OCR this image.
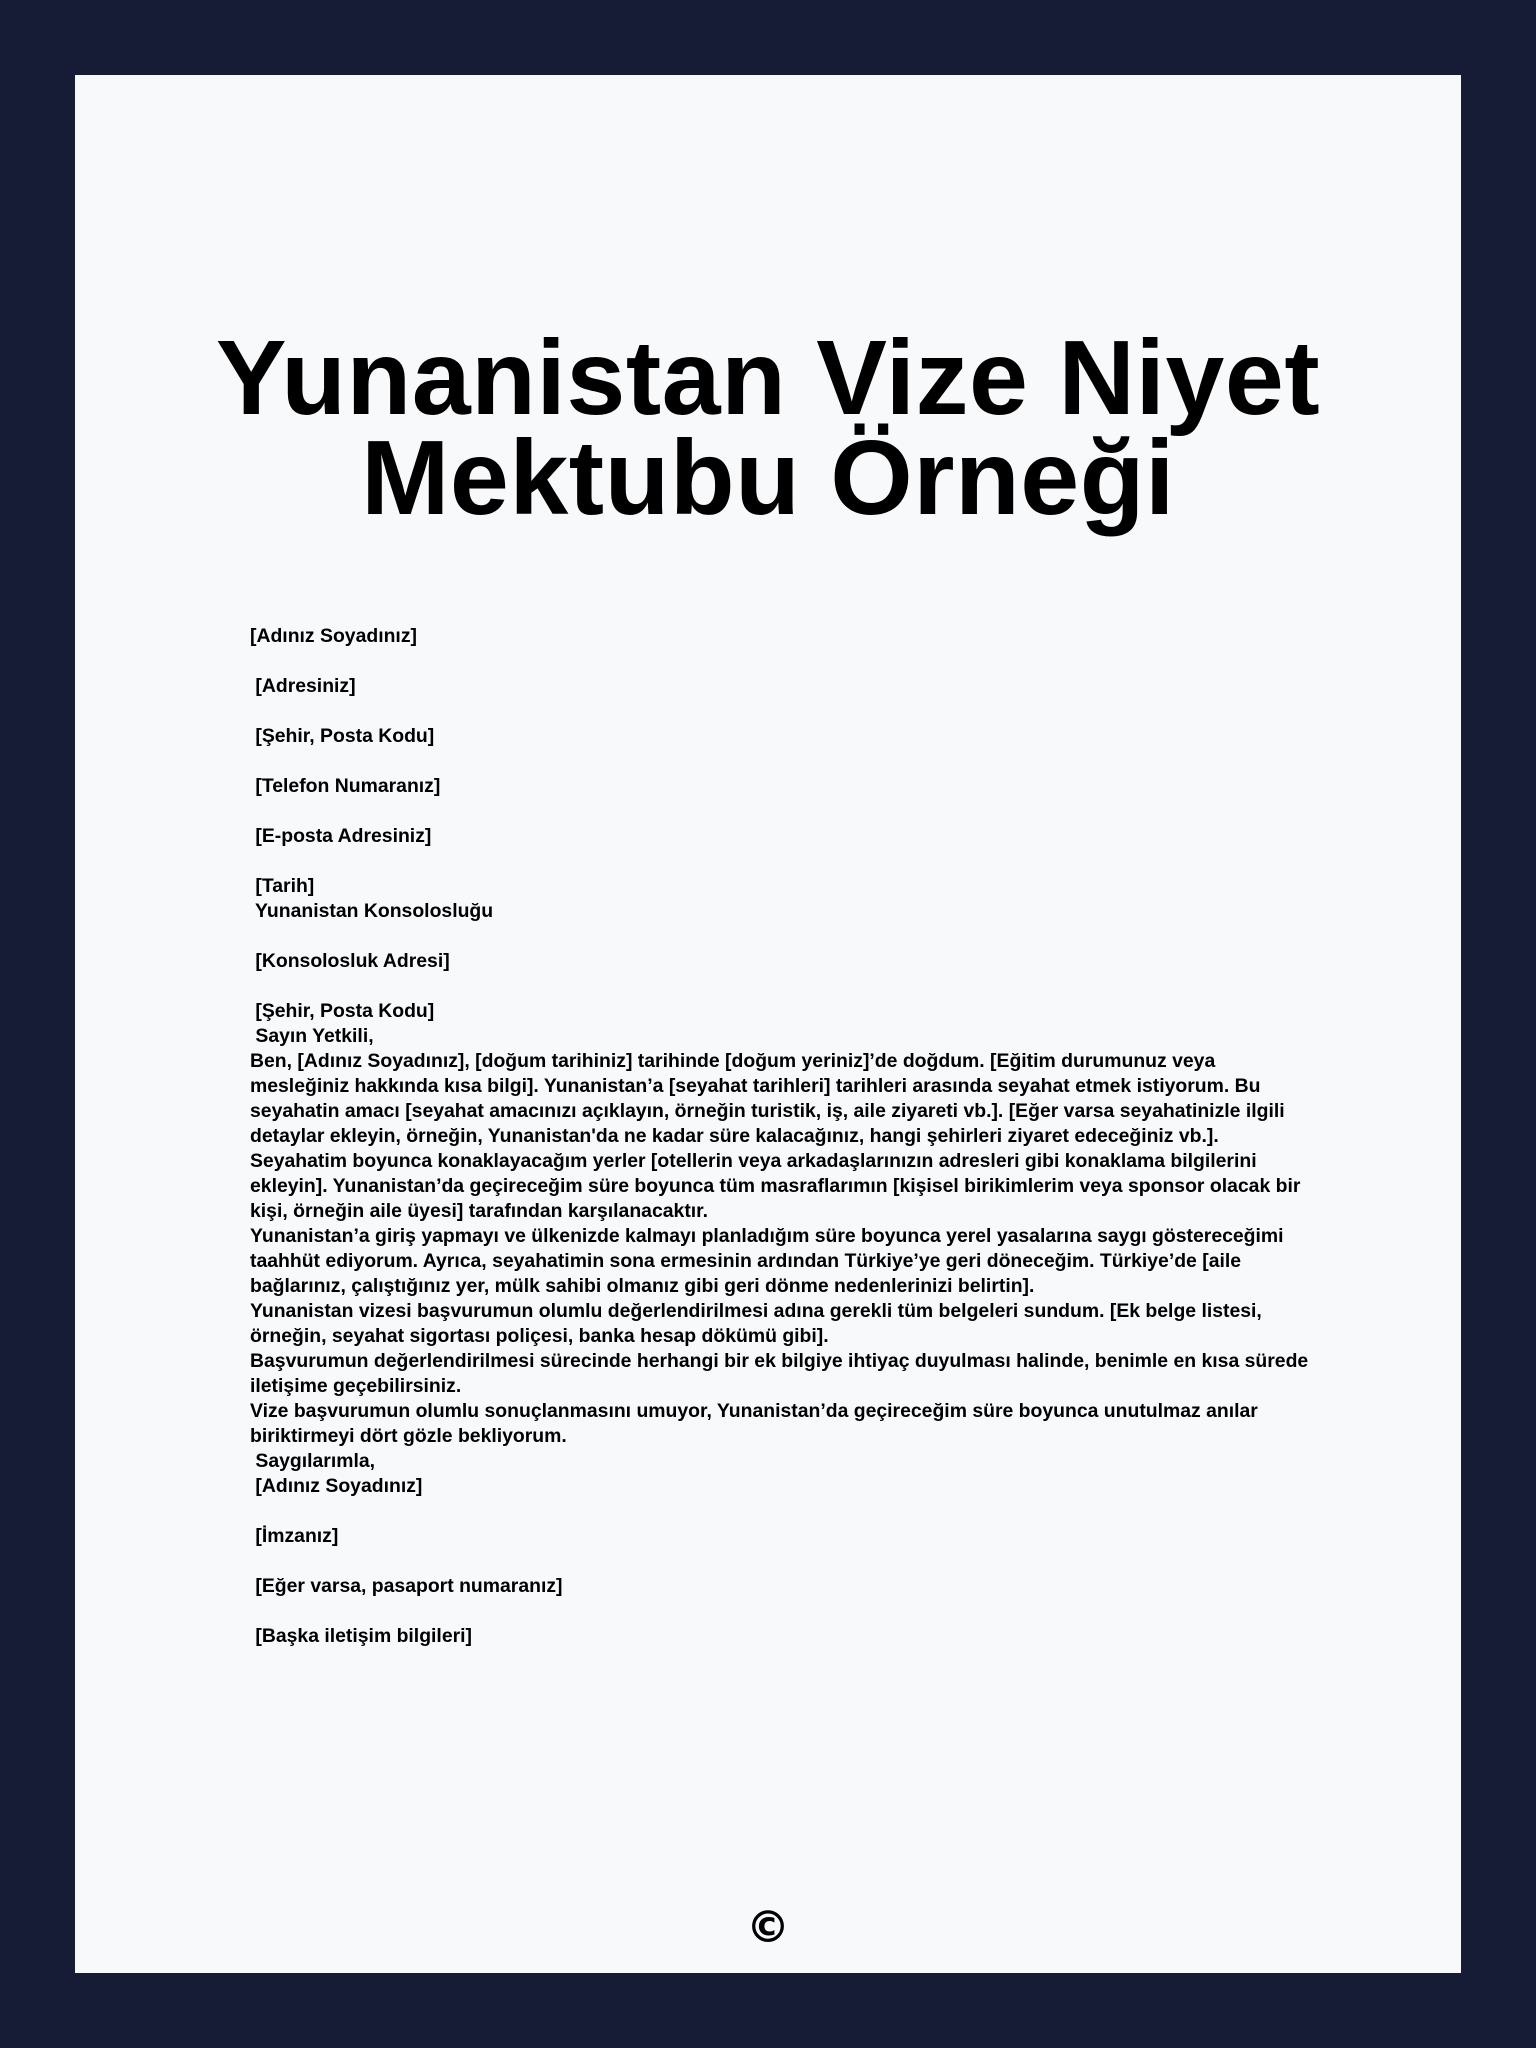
Yunanistan Vize Niyet
Mektubu Örneği
[Adınız Soyadınız]
[Adresiniz]
[Şehir, Posta Kodu]
[Telefon Numaranız]
[E-posta Adresiniz]
[Tarih]
Yunanistan Konsolosluğu
[Konsolosluk Adresi]
[Şehir, Posta Kodu]
Sayın Yetkili,
Ben, [Adınız Soyadınız], [doğum tarihiniz] tarihinde [doğum yeriniz]’de doğdum. [Eğitim durumunuz veya mesleğiniz hakkında kısa bilgi]. Yunanistan’a [seyahat tarihleri] tarihleri arasında seyahat etmek istiyorum. Bu seyahatin amacı [seyahat amacınızı açıklayın, örneğin turistik, iş, aile ziyareti vb.]. [Eğer varsa seyahatinizle ilgili detaylar ekleyin, örneğin, Yunanistan'da ne kadar süre kalacağınız, hangi şehirleri ziyaret edeceğiniz vb.].
Seyahatim boyunca konaklayacağım yerler [otellerin veya arkadaşlarınızın adresleri gibi konaklama bilgilerini ekleyin]. Yunanistan’da geçireceğim süre boyunca tüm masraflarımın [kişisel birikimlerim veya sponsor olacak bir kişi, örneğin aile üyesi] tarafından karşılanacaktır.
Yunanistan’a giriş yapmayı ve ülkenizde kalmayı planladığım süre boyunca yerel yasalarına saygı göstereceğimi taahhüt ediyorum. Ayrıca, seyahatimin sona ermesinin ardından Türkiye’ye geri döneceğim. Türkiye’de [aile bağlarınız, çalıştığınız yer, mülk sahibi olmanız gibi geri dönme nedenlerinizi belirtin].
Yunanistan vizesi başvurumun olumlu değerlendirilmesi adına gerekli tüm belgeleri sundum. [Ek belge listesi, örneğin, seyahat sigortası poliçesi, banka hesap dökümü gibi].
Başvurumun değerlendirilmesi sürecinde herhangi bir ek bilgiye ihtiyaç duyulması halinde, benimle en kısa sürede iletişime geçebilirsiniz.
Vize başvurumun olumlu sonuçlanmasını umuyor, Yunanistan’da geçireceğim süre boyunca unutulmaz anılar biriktirmeyi dört gözle bekliyorum.
Saygılarımla,
[Adınız Soyadınız]
[İmzanız]
[Eğer varsa, pasaport numaranız]
[Başka iletişim bilgileri]
©
